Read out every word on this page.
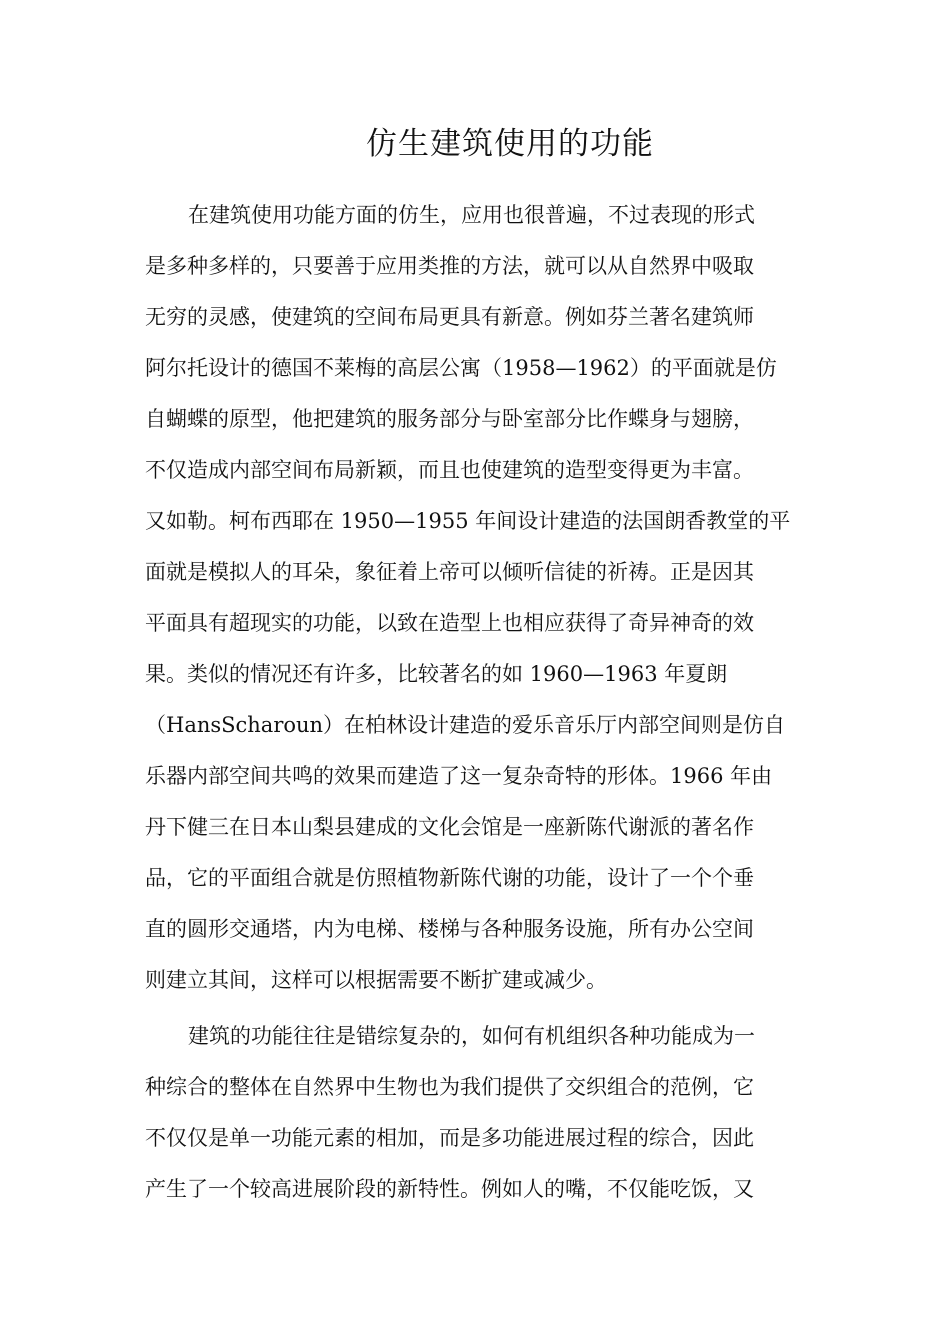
仿生建筑使用的功能

在建筑使用功能方面的仿生，应用也很普遍，不过表现的形式

是多种多样的，只要善于应用类推的方法，就可以从自然界中吸取

无穷的灵感，使建筑的空间布局更具有新意。例如芬兰著名建筑师

阿尔托设计的德国不莱梅的高层公寓（1958—1962）的平面就是仿

自蝴蝶的原型，他把建筑的服务部分与卧室部分比作蝶身与翅膀，

不仅造成内部空间布局新颖，而且也使建筑的造型变得更为丰富。

又如勒。柯布西耶在 1950—1955 年间设计建造的法国朗香教堂的平

面就是模拟人的耳朵，象征着上帝可以倾听信徒的祈祷。正是因其

平面具有超现实的功能，以致在造型上也相应获得了奇异神奇的效

果。类似的情况还有许多，比较著名的如 1960—1963 年夏朗

（HansScharoun）在柏林设计建造的爱乐音乐厅内部空间则是仿自

乐器内部空间共鸣的效果而建造了这一复杂奇特的形体。1966 年由

丹下健三在日本山梨县建成的文化会馆是一座新陈代谢派的著名作

品，它的平面组合就是仿照植物新陈代谢的功能，设计了一个个垂

直的圆形交通塔，内为电梯、楼梯与各种服务设施，所有办公空间

则建立其间，这样可以根据需要不断扩建或减少。

建筑的功能往往是错综复杂的，如何有机组织各种功能成为一

种综合的整体在自然界中生物也为我们提供了交织组合的范例，它

不仅仅是单一功能元素的相加，而是多功能进展过程的综合，因此

产生了一个较高进展阶段的新特性。例如人的嘴，不仅能吃饭，又
